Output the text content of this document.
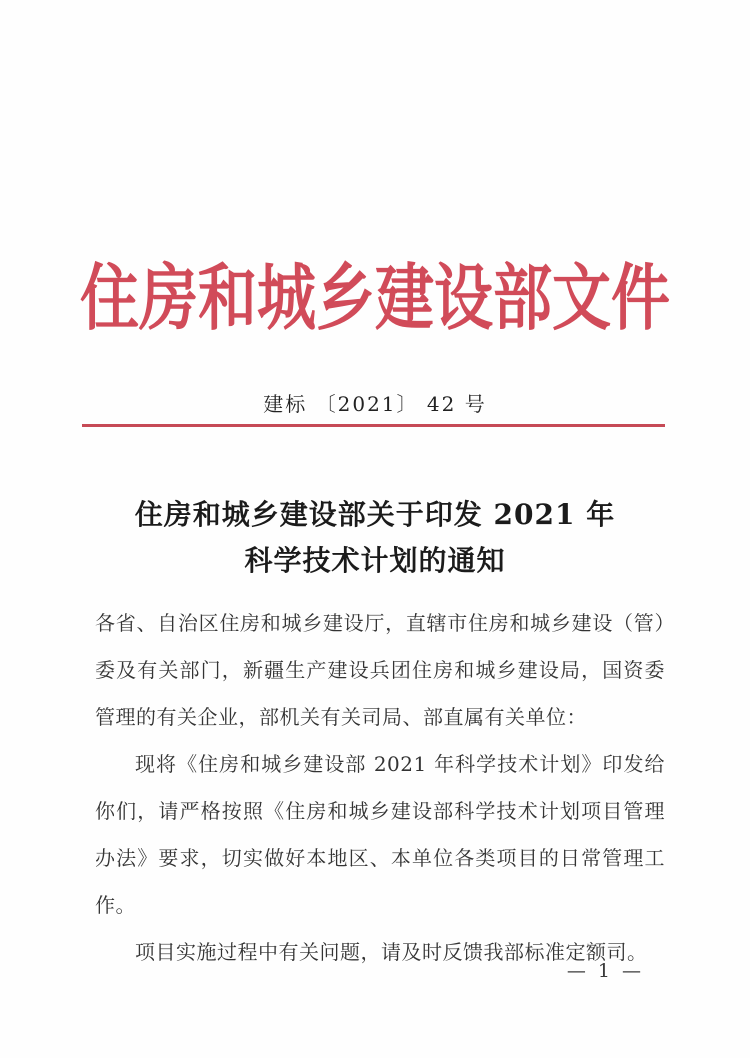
住房和城乡建设部文件
建标 〔2021〕 42 号
住房和城乡建设部关于印发 2021 年
科学技术计划的通知

各省、自治区住房和城乡建设厅，直辖市住房和城乡建设（管）委及有关部门，新疆生产建设兵团住房和城乡建设局，国资委管理的有关企业，部机关有关司局、部直属有关单位：

现将《住房和城乡建设部 2021 年科学技术计划》印发给你们，请严格按照《住房和城乡建设部科学技术计划项目管理办法》要求，切实做好本地区、本单位各类项目的日常管理工作。

项目实施过程中有关问题，请及时反馈我部标准定额司。

— 1 —
